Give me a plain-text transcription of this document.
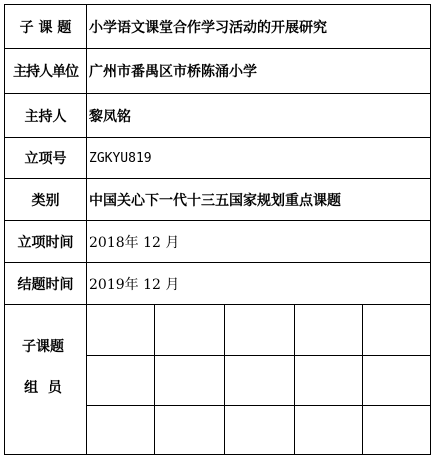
子 课 题	小学语文课堂合作学习活动的开展研究
主持人单位 广州市番禺区市桥陈涌小学
主持人	黎凤铭
立项号	ZGKYU819
类别	中国关心下一代十三五国家规划重点课题
立项时间	2018年 12 月
结题时间	2019年 12 月
子课题
组  员
